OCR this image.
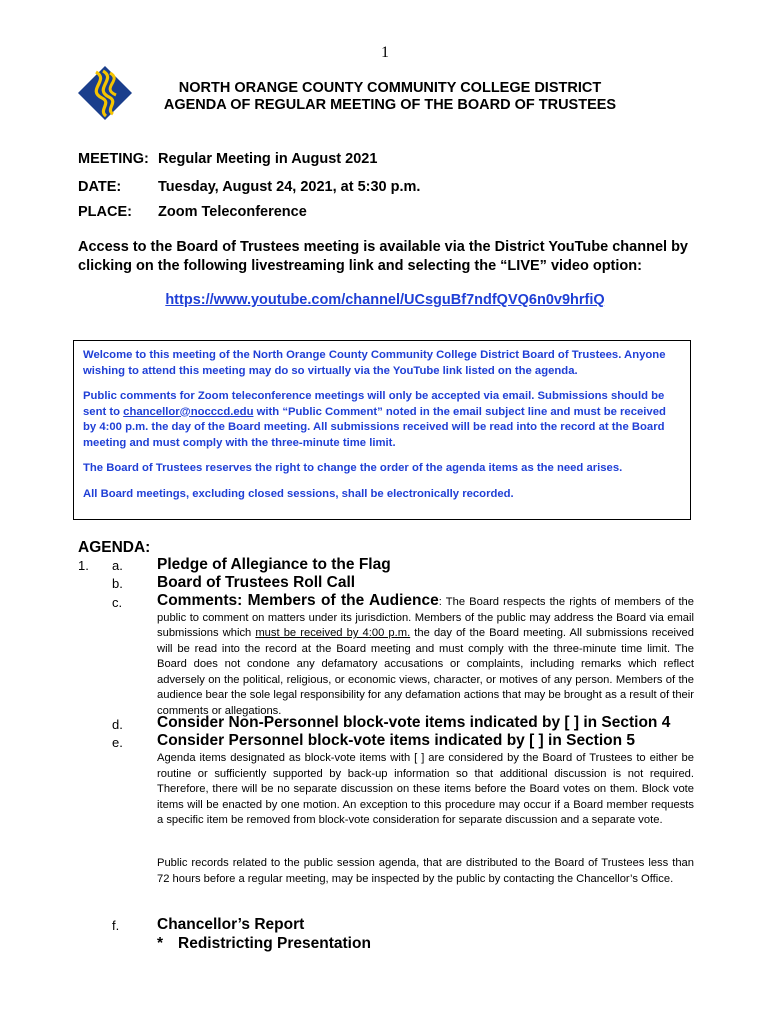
1
NORTH ORANGE COUNTY COMMUNITY COLLEGE DISTRICT
AGENDA OF REGULAR MEETING OF THE BOARD OF TRUSTEES
MEETING: Regular Meeting in August 2021
DATE:	Tuesday, August 24, 2021, at 5:30 p.m.
PLACE: Zoom Teleconference
Access to the Board of Trustees meeting is available via the District YouTube channel by clicking on the following livestreaming link and selecting the “LIVE” video option:
https://www.youtube.com/channel/UCsguBf7ndfQVQ6n0v9hrfiQ

Welcome to this meeting of the North Orange County Community College District Board of Trustees. Anyone wishing to attend this meeting may do so virtually via the YouTube link listed on the agenda.

Public comments for Zoom teleconference meetings will only be accepted via email. Submissions should be sent to chancellor@nocccd.edu with “Public Comment” noted in the email subject line and must be received by 4:00 p.m. the day of the Board meeting. All submissions received will be read into the record at the Board meeting and must comply with the three-minute time limit.

The Board of Trustees reserves the right to change the order of the agenda items as the need arises.

All Board meetings, excluding closed sessions, shall be electronically recorded.

AGENDA:
1. a. Pledge of Allegiance to the Flag
b. Board of Trustees Roll Call
c. Comments: Members of the Audience: The Board respects the rights of members of the public to comment on matters under its jurisdiction. Members of the public may address the Board via email submissions which must be received by 4:00 p.m. the day of the Board meeting. All submissions received will be read into the record at the Board meeting and must comply with the three-minute time limit. The Board does not condone any defamatory accusations or complaints, including remarks which reflect adversely on the political, religious, or economic views, character, or motives of any person. Members of the audience bear the sole legal responsibility for any defamation actions that may be brought as a result of their comments or allegations.
d. Consider Non-Personnel block-vote items indicated by [ ] in Section 4
e. Consider Personnel block-vote items indicated by [ ] in Section 5
Agenda items designated as block-vote items with [ ] are considered by the Board of Trustees to either be routine or sufficiently supported by back-up information so that additional discussion is not required. Therefore, there will be no separate discussion on these items before the Board votes on them. Block vote items will be enacted by one motion. An exception to this procedure may occur if a Board member requests a specific item be removed from block-vote consideration for separate discussion and a separate vote.
Public records related to the public session agenda, that are distributed to the Board of Trustees less than 72 hours before a regular meeting, may be inspected by the public by contacting the Chancellor’s Office.
f. Chancellor’s Report
* Redistricting Presentation
